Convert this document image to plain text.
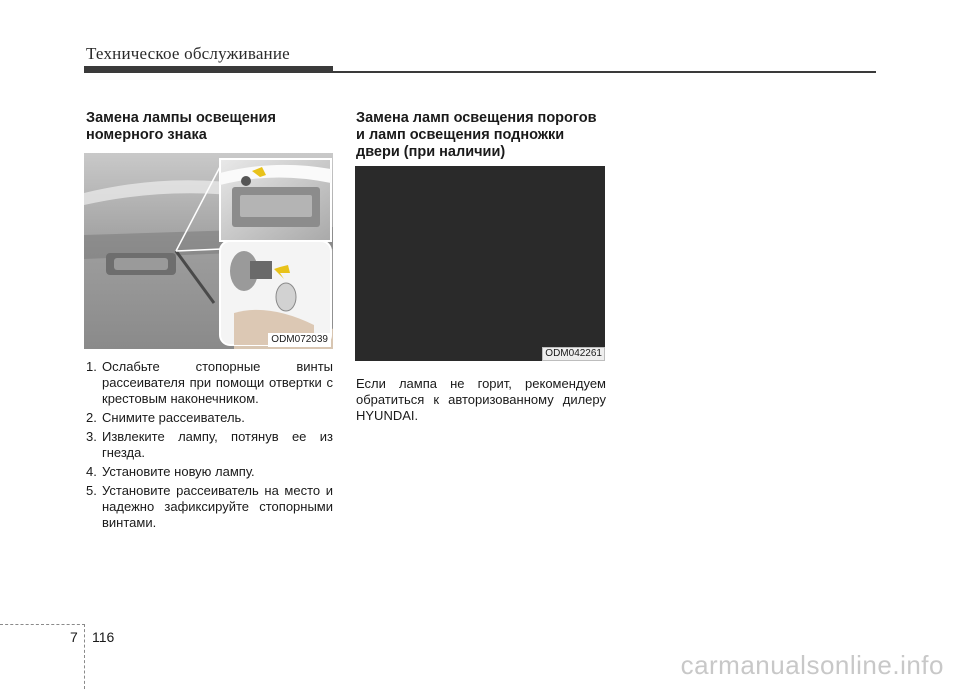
Техническое обслуживание
Замена лампы освещения номерного знака
ODM072039
1. Ослабьте стопорные винты рассеивателя при помощи отвертки с крестовым наконечником.
2. Снимите рассеиватель.
3. Извлеките лампу, потянув ее из гнезда.
4. Установите новую лампу.
5. Установите рассеиватель на место и надежно зафиксируйте стопорными винтами.
Замена ламп освещения порогов и ламп освещения подножки двери (при наличии)
ODM042261
Если лампа не горит, рекомендуем обратиться к авторизованному дилеру HYUNDAI.
7 116
carmanualsonline.info
